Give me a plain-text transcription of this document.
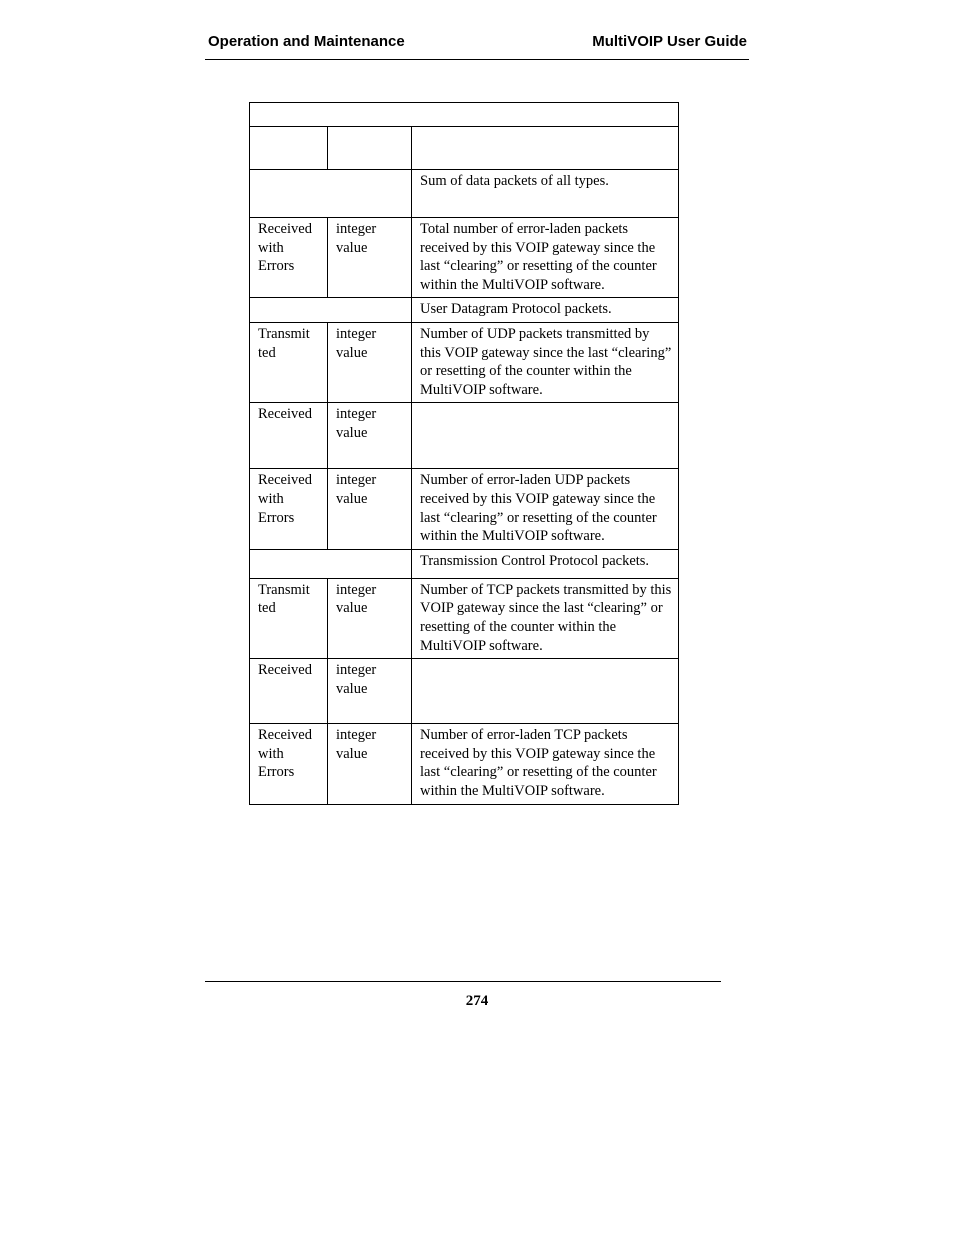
Operation and Maintenance	MultiVOIP User Guide

		Sum of data packets of all types.
Received with Errors	integer value	Total number of error-laden packets received by this VOIP gateway since the last “clearing” or resetting of the counter within the MultiVOIP software.
		User Datagram Protocol packets.
Transmit ted	integer value	Number of UDP packets transmitted by this VOIP gateway since the last “clearing” or resetting of the counter within the MultiVOIP software.
Received	integer value	
Received with Errors	integer value	Number of error-laden UDP packets received by this VOIP gateway since the last “clearing” or resetting of the counter within the MultiVOIP software.
		Transmission Control Protocol packets.
Transmit ted	integer value	Number of TCP packets transmitted by this VOIP gateway since the last “clearing” or resetting of the counter within the MultiVOIP software.
Received	integer value	
Received with Errors	integer value	Number of error-laden TCP packets received by this VOIP gateway since the last “clearing” or resetting of the counter within the MultiVOIP software.
274
